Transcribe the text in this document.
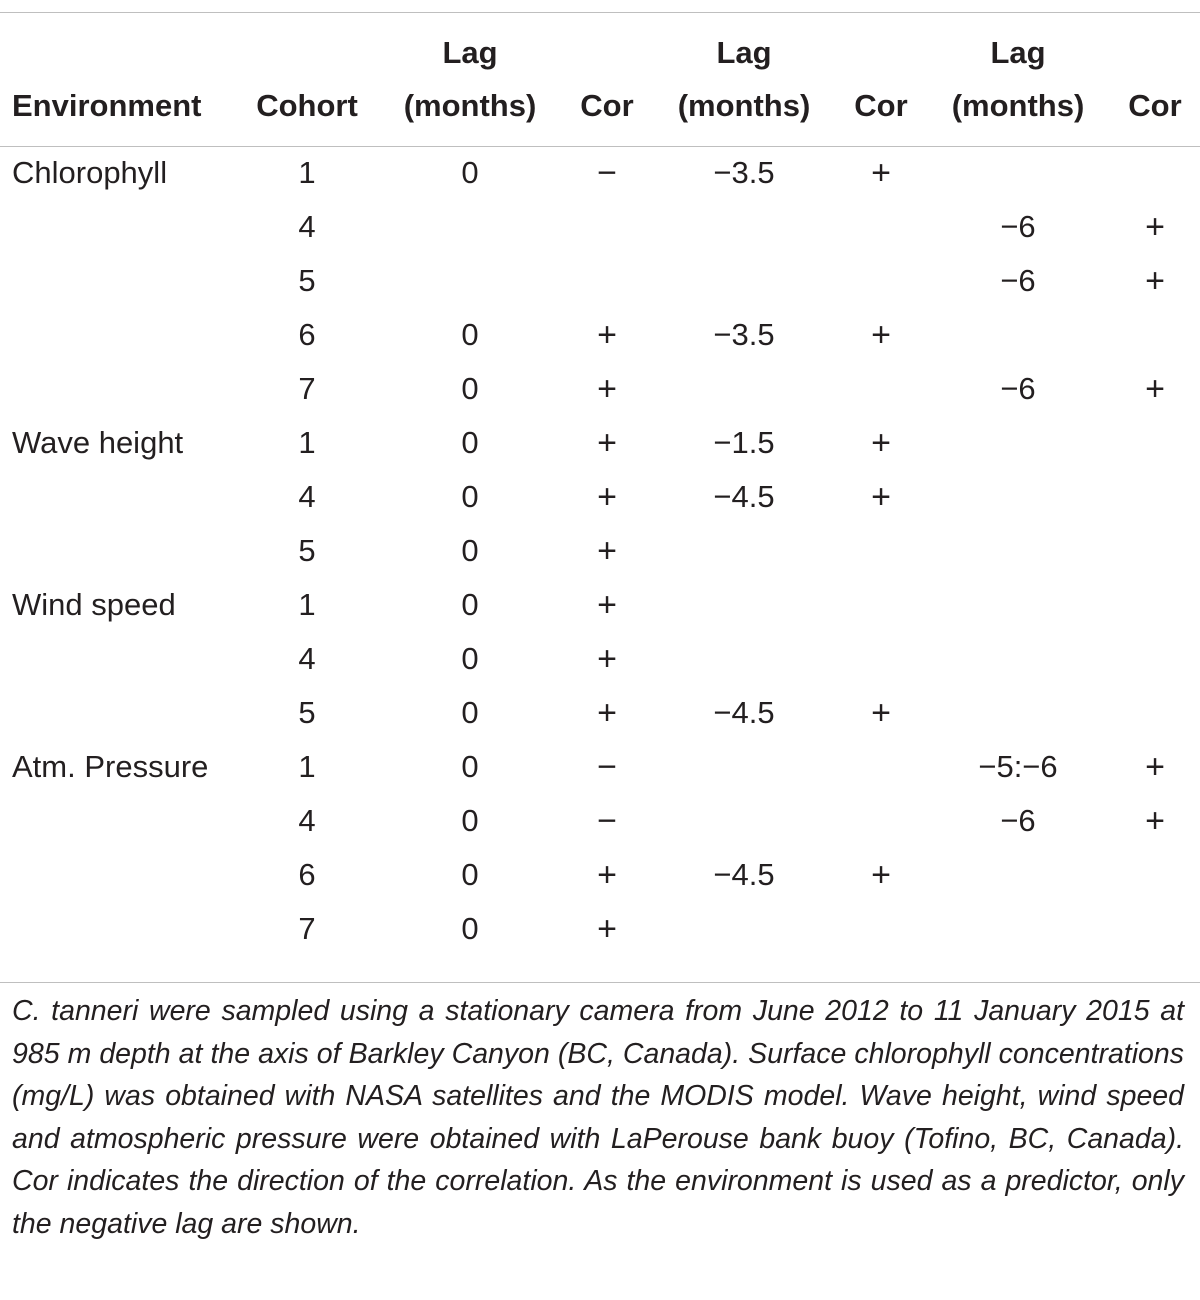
		Lag		Lag		Lag	
Environment	Cohort	(months)	Cor	(months)	Cor	(months)	Cor

Chlorophyll	1	0	−	−3.5	+		
	4					−6	+
	5					−6	+
	6	0	+	−3.5	+		
	7	0	+			−6	+
Wave height	1	0	+	−1.5	+		
	4	0	+	−4.5	+		
	5	0	+				
Wind speed	1	0	+				
	4	0	+				
	5	0	+	−4.5	+		
Atm. Pressure	1	0	−			−5:−6	+
	4	0	−			−6	+
	6	0	+	−4.5	+		
	7	0	+				

C. tanneri were sampled using a stationary camera from June 2012 to 11 January 2015 at 985 m depth at the axis of Barkley Canyon (BC, Canada). Surface chlorophyll concentrations (mg/L) was obtained with NASA satellites and the MODIS model. Wave height, wind speed and atmospheric pressure were obtained with LaPerouse bank buoy (Tofino, BC, Canada). Cor indicates the direction of the correlation. As the environment is used as a predictor, only the negative lag are shown.
